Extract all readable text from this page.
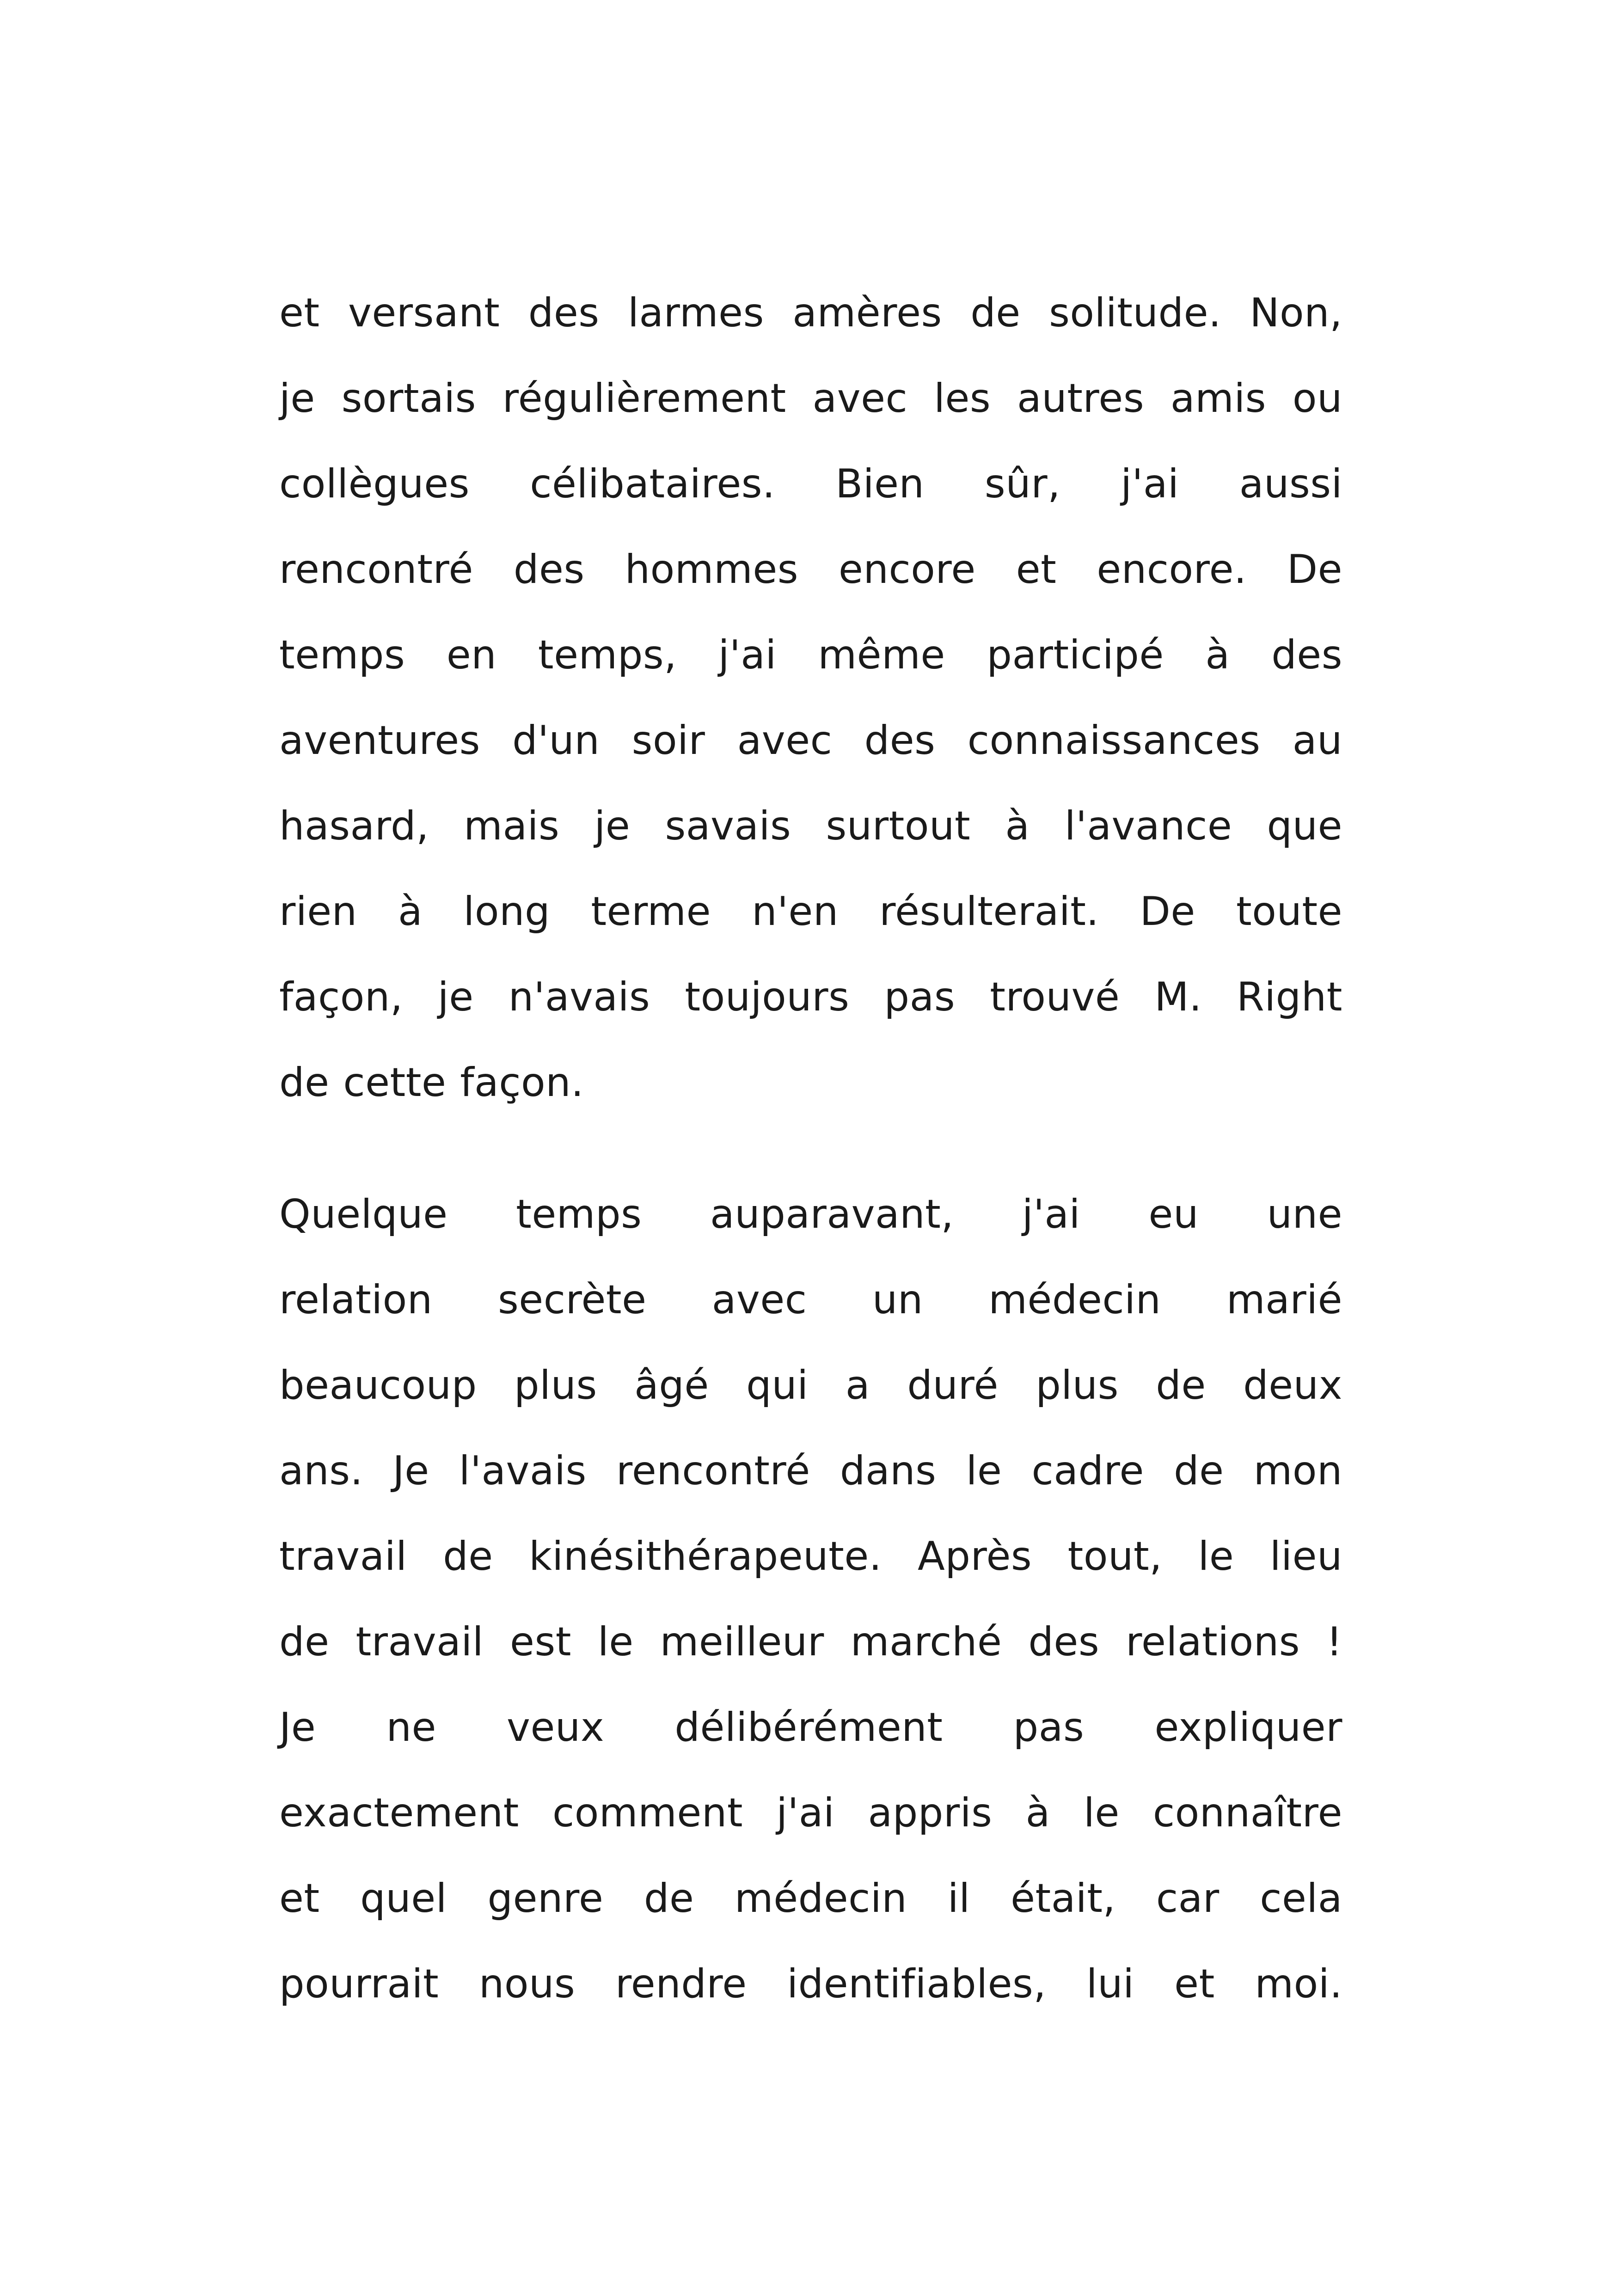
et versant des larmes amères de solitude. Non,
je sortais régulièrement avec les autres amis ou
collègues célibataires. Bien sûr, j'ai aussi
rencontré des hommes encore et encore. De
temps en temps, j'ai même participé à des
aventures d'un soir avec des connaissances au
hasard, mais je savais surtout à l'avance que
rien à long terme n'en résulterait. De toute
façon, je n'avais toujours pas trouvé M. Right
de cette façon.
Quelque temps auparavant, j'ai eu une
relation secrète avec un médecin marié
beaucoup plus âgé qui a duré plus de deux
ans. Je l'avais rencontré dans le cadre de mon
travail de kinésithérapeute. Après tout, le lieu
de travail est le meilleur marché des relations !
Je ne veux délibérément pas expliquer
exactement comment j'ai appris à le connaître
et quel genre de médecin il était, car cela
pourrait nous rendre identifiables, lui et moi.
